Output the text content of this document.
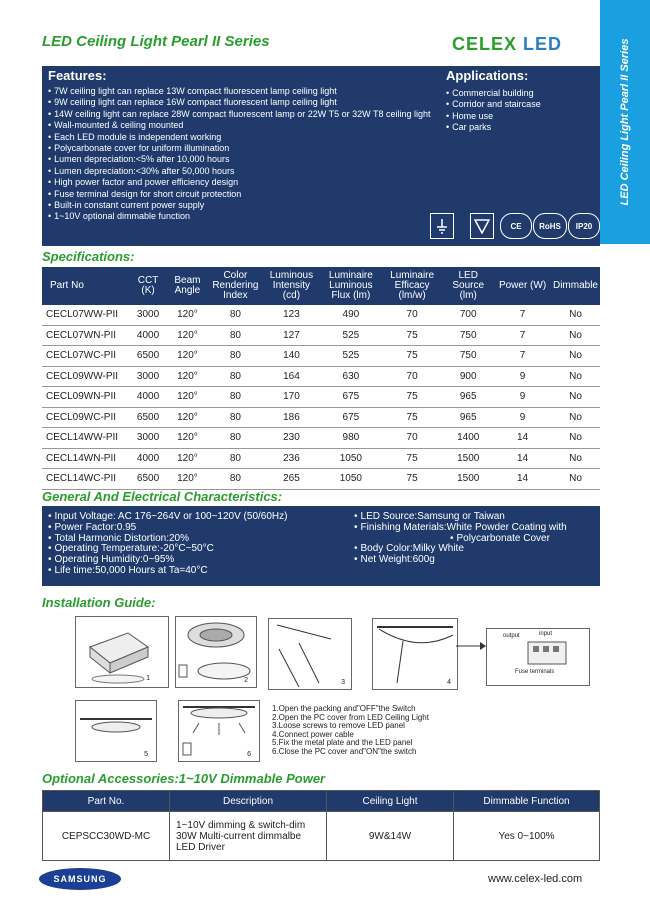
LED Ceiling Light Pearl II Series	CELEX LED	LED Ceiling Light Pearl II Series
Features:
• 7W ceiling light can replace 13W compact fluorescent lamp ceiling light
• 9W ceiling light can replace 16W compact fluorescent lamp ceiling light
• 14W ceiling light can replace 28W compact fluorescent lamp or 22W T5 or 32W T8 ceiling light
• Wall-mounted & ceiling mounted
• Each LED module is independent working
• Polycarbonate cover for uniform illumination
• Lumen depreciation:<5% after 10,000 hours
• Lumen depreciation:<30% after 50,000 hours
• High power factor and power efficiency design
• Fuse terminal design for short circuit protection
• Built-in constant current power supply
• 1~10V optional dimmable function
Applications:
• Commercial building
• Corridor and staircase
• Home use
• Car parks
CE	RoHS	IP20
Specifications:
Part No	CCT (K)	Beam Angle	Color Rendering Index	Luminous Intensity (cd)	Luminaire Luminous Flux (lm)	Luminaire Efficacy (lm/w)	LED Source (lm)	Power (W)	Dimmable
CECL07WW-PII	3000	120°	80	123	490	70	700	7	No
CECL07WN-PII	4000	120°	80	127	525	75	750	7	No
CECL07WC-PII	6500	120°	80	140	525	75	750	7	No
CECL09WW-PII	3000	120°	80	164	630	70	900	9	No
CECL09WN-PII	4000	120°	80	170	675	75	965	9	No
CECL09WC-PII	6500	120°	80	186	675	75	965	9	No
CECL14WW-PII	3000	120°	80	230	980	70	1400	14	No
CECL14WN-PII	4000	120°	80	236	1050	75	1500	14	No
CECL14WC-PII	6500	120°	80	265	1050	75	1500	14	No
General And Electrical Characteristics:
• Input Voltage: AC 176~264V or 100~120V (50/60Hz)
• Power Factor:0.95
• Total Harmonic Distortion:20%
• Operating Temperature:-20°C~50°C
• Operating Humidity:0~95%
• Life time:50,000 Hours at Ta=40°C
• LED Source:Samsung or Taiwan
• Finishing Materials:White Powder Coating with
• Polycarbonate Cover
• Body Color:Milky White
• Net Weight:600g
Installation Guide:
1	2	3	4
output	input
Fuse terminals
5	6
1.Open the packing and"OFF"the Switch
2.Open the PC cover from LED Ceiling Light
3.Loose screws to remove LED panel
4.Connect power cable
5.Fix the metal plate and the LED panel
6.Close the PC cover and"ON"the switch
Optional Accessories:1~10V Dimmable Power
Part No.	Description	Ceiling Light	Dimmable Function
CEPSCC30WD-MC	1~10V dimming & switch-dim
30W Multi-current dimmalbe
LED Driver	9W&14W	Yes 0~100%
SAMSUNG	www.celex-led.com
